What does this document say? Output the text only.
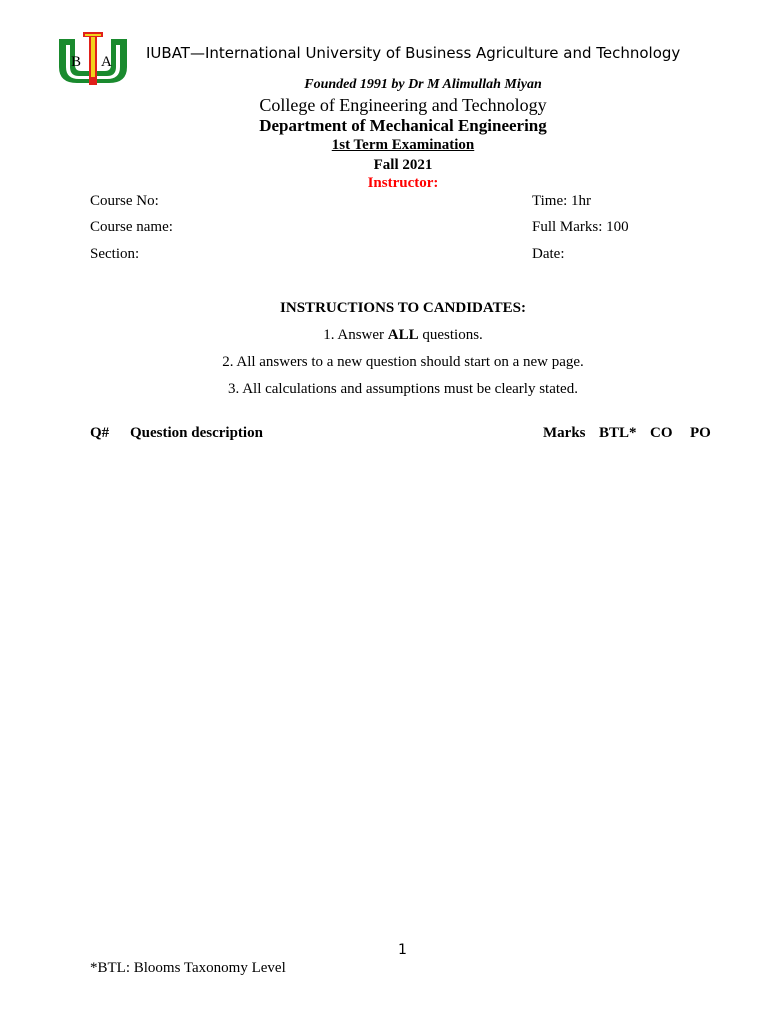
B A IUBAT—International University of Business Agriculture and Technology
Founded 1991 by Dr M Alimullah Miyan
College of Engineering and Technology
Department of Mechanical Engineering
1st Term Examination
Fall 2021
Instructor:
Course No:
Course name:
Section:
Time: 1hr
Full Marks: 100
Date:
INSTRUCTIONS TO CANDIDATES:
1. Answer ALL questions.
2. All answers to a new question should start on a new page.
3. All calculations and assumptions must be clearly stated.
Q# Question description	Marks BTL* CO PO
1
*BTL: Blooms Taxonomy Level
